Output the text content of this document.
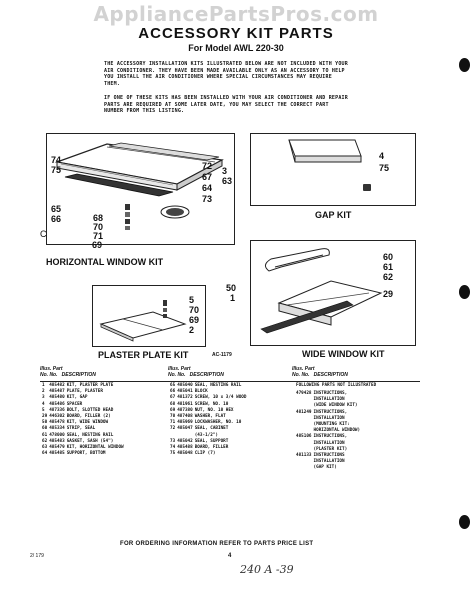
AppliancePartsPros.com
ACCESSORY KIT PARTS
For Model AWL 220-30
THE ACCESSORY INSTALLATION KITS ILLUSTRATED BELOW ARE NOT INCLUDED WITH YOUR
AIR CONDITIONER. THEY HAVE BEEN MADE AVAILABLE ONLY AS AN ACCESSORY TO HELP
YOU INSTALL THE AIR CONDITIONER WHERE SPECIAL CIRCUMSTANCES MAY REQUIRE
THEM.
IF ONE OF THESE KITS HAS BEEN INSTALLED WITH YOUR AIR CONDITIONER AND REPAIR
PARTS ARE REQUIRED AT SOME LATER DATE, YOU MAY SELECT THE CORRECT PART
NUMBER FROM THIS LISTING.
74
75
65
66	68
70
71
72
67
64
73
69
C
HORIZONTAL WINDOW KIT
4
75
3
63
GAP KIT
5
70
69
2
PLASTER PLATE KIT	AC-1179
60
61
62
29
50
1
WIDE WINDOW KIT
Illus. Part
No. No. DESCRIPTION
Illus. Part
No. No. DESCRIPTION
Illus. Part
No. No. DESCRIPTION
1	485482	KIT, PLASTER PLATE
2	485487	PLATE, PLASTER
3	485480	KIT, GAP
4	485486	SPACER
5	487336	BOLT, SLOTTED HEAD
29	446302	BOARD, FILLER (2)
50	485478	KIT, WIDE WINDOW
60	485334	STRIP, SEAL
61	478000	SEAL, NESTING RAIL
62	485483	GASKET, SASH (54")
63	485479	KIT, HORIZONTAL WINDOW
64	485485	SUPPORT, BOTTOM
65	485040	SEAL, NESTING RAIL
66	485041	BLOCK
67	481372	SCREW, 10 x 3/4 WOOD
68	481961	SCREW, NO. 10
69	487380	NUT, NO. 10 HEX
70	487408	WASHER, FLAT
71	485969	LOCKWASHER, NO. 10
72	485047	SEAL, CABINET
		(43-1/2")
73	485042	SEAL, SUPPORT
74	485488	BOARD, FILLER
75	485048	CLIP (7)
FOLLOWING PARTS NOT ILLUSTRATED
479428	INSTRUCTIONS,
	INSTALLATION
	(WIDE WINDOW KIT)
481249	INSTRUCTIONS,
	INSTALLATION
	(MOUNTING KIT:
	HORIZONTAL WINDOW)
485106	INSTRUCTIONS,
	INSTALLATION
	(PLASTER KIT)
481133	INSTRUCTIONS
	INSTALLATION
	(GAP KIT)
FOR ORDERING INFORMATION REFER TO PARTS PRICE LIST
4
2/ 179
240 A -39
